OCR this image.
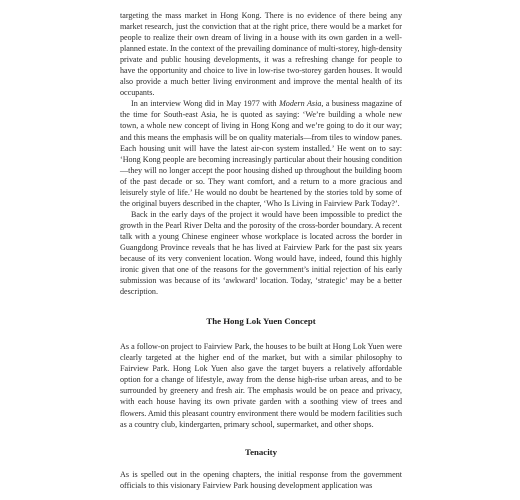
targeting the mass market in Hong Kong. There is no evidence of there being any market research, just the conviction that at the right price, there would be a market for people to realize their own dream of living in a house with its own garden in a well-planned estate. In the context of the prevailing dominance of multi-storey, high-density private and public housing developments, it was a refreshing change for people to have the opportunity and choice to live in low-rise two-storey garden houses. It would also provide a much better living environment and improve the mental health of its occupants.

In an interview Wong did in May 1977 with Modern Asia, a business magazine of the time for South-east Asia, he is quoted as saying: ‘We’re building a whole new town, a whole new concept of living in Hong Kong and we’re going to do it our way; and this means the emphasis will be on quality materials—from tiles to window panes. Each housing unit will have the latest air-con system installed.’ He went on to say: ‘Hong Kong people are becoming increasingly particular about their housing condition—they will no longer accept the poor housing dished up throughout the building boom of the past decade or so. They want comfort, and a return to a more gracious and leisurely style of life.’ He would no doubt be heartened by the stories told by some of the original buyers described in the chapter, ‘Who Is Living in Fairview Park Today?’.

Back in the early days of the project it would have been impossible to predict the growth in the Pearl River Delta and the porosity of the cross-border boundary. A recent talk with a young Chinese engineer whose workplace is located across the border in Guangdong Province reveals that he has lived at Fairview Park for the past six years because of its very convenient location. Wong would have, indeed, found this highly ironic given that one of the reasons for the government’s initial rejection of his early submission was because of its ‘awkward’ location. Today, ‘strategic’ may be a better description.

The Hong Lok Yuen Concept

As a follow-on project to Fairview Park, the houses to be built at Hong Lok Yuen were clearly targeted at the higher end of the market, but with a similar philosophy to Fairview Park. Hong Lok Yuen also gave the target buyers a relatively affordable option for a change of lifestyle, away from the dense high-rise urban areas, and to be surrounded by greenery and fresh air. The emphasis would be on peace and privacy, with each house having its own private garden with a soothing view of trees and flowers. Amid this pleasant country environment there would be modern facilities such as a country club, kindergarten, primary school, supermarket, and other shops.

Tenacity

As is spelled out in the opening chapters, the initial response from the government officials to this visionary Fairview Park housing development application was
